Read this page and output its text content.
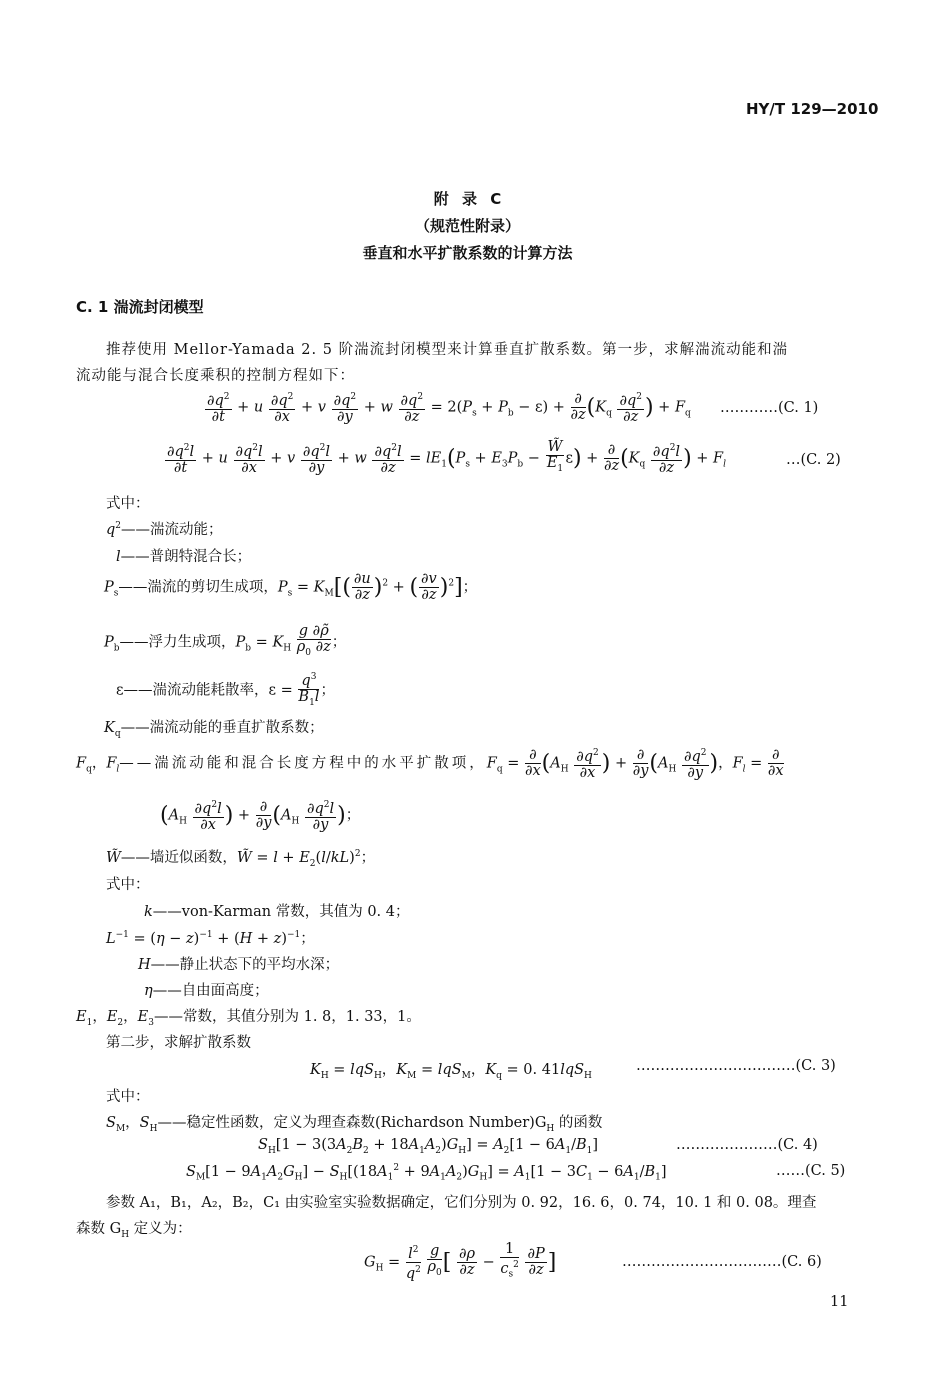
HY/T 129—2010
附 录 C
（规范性附录）
垂直和水平扩散系数的计算方法
C. 1 湍流封闭模型
推荐使用 Mellor-Yamada 2. 5 阶湍流封闭模型来计算垂直扩散系数。第一步，求解湍流动能和湍
流动能与混合长度乘积的控制方程如下：
$\frac{\partial q^2}{\partial t} + u \frac{\partial q^2}{\partial x} + v \frac{\partial q^2}{\partial y} + w \frac{\partial q^2}{\partial z} = 2(P_s + P_b - \varepsilon) + \frac{\partial}{\partial z} (K_q \frac{\partial q^2}{\partial z}$ ) + $F_q$ …………(C. 1)
$\frac{\partial q^2l}{\partial t} + u \frac{\partial q^2l}{\partial x} + v \frac{\partial q^2l}{\partial y} + w \frac{\partial q^2l}{\partial z} = lE_1(P_s + E_3P_b - \frac{W̃}{E_1} \varepsilon) + \frac{\partial}{\partial z} (K_q \frac{\partial q^2l}{\partial z}$ ) + $F_l$	…(C. 2)
式中：
$q^2——$湍流动能；
l——普朗特混合长；
$P_s——$湍流的剪切生成项，$P_s = K_M[( \frac{\partial u}{\partial z} )^2$ + ( $\frac{\partial v}{\partial z} )^2$]；
$P_b——$浮力生成项，$P_b = K_H \frac{g \partial\rhõ}{\rho_0 \partial z}$ ；
ε——湍流动能耗散率，$\varepsilon = \frac{q^3}{B_1l}$ ；
$K_q——$湍流动能的垂直扩散系数；
$F_q$，$F_l——$湍流动能和混合长度方程中的水平扩散项，$F_q = \frac{\partial}{\partial x} (A_H \frac{\partial q^2}{\partial x}$ ) + $\frac{\partial}{\partial y} (A_H \frac{\partial q^2}{\partial y}$ )，$F_l = \frac{\partial}{\partial x}$
($A_H \frac{\partial q^2l}{\partial x}$ ) + $\frac{\partial}{\partial y} (A_H \frac{\partial q^2l}{\partial y}$ )；
W̃——墙近似函数，W̃ = $l + E_2(l/kL)^2$；
式中：
k——von-Karman 常数，其值为 0. 4；
$L^{-1} = (\eta - z)^{-1} + (H + z)^{-1}$；
H——静止状态下的平均水深；
η——自由面高度；
$E_1$，$E_2$，$E_3——$常数，其值分别为 1. 8，1. 33，1。
第二步，求解扩散系数
$K_H = lqS_H$，$K_M = lqS_M$，$K_q = 0$. 41lqS$_H$
……………………………(C. 3)
式中：
$S_M$，$S_H——$稳定性函数，定义为理查森数(Richardson $Number)G_H$ 的函数
$S_H[1 - 3(3A_2B_2 + 18A_1A_2)G_H] = A_2[1 - 6A_1/B_1]$	…………………(C. 4)
$S_M[1 - 9A_1A_2G_H] - S_H[(18A_1^2 + 9A_1A_2)G_H] = A_1[1 - 3C_1 - 6A_1/B_1]$	……(C. 5)
参数 A₁，B₁，A₂，B₂，C₁ 由实验室实验数据确定，它们分别为 0. 92，16. 6，0. 74，10. 1 和 0. 08。理查
森数 $G_H$ 定义为：
$G_H = \frac{l^2}{q^2}$
$\frac{g}{\rho_0}$ [ $\frac{\partial\rho}{\partial z} - \frac{1}{c_s^2}$
$\frac{\partial P}{\partial z}$ ]	……………………………(C. 6)
11
